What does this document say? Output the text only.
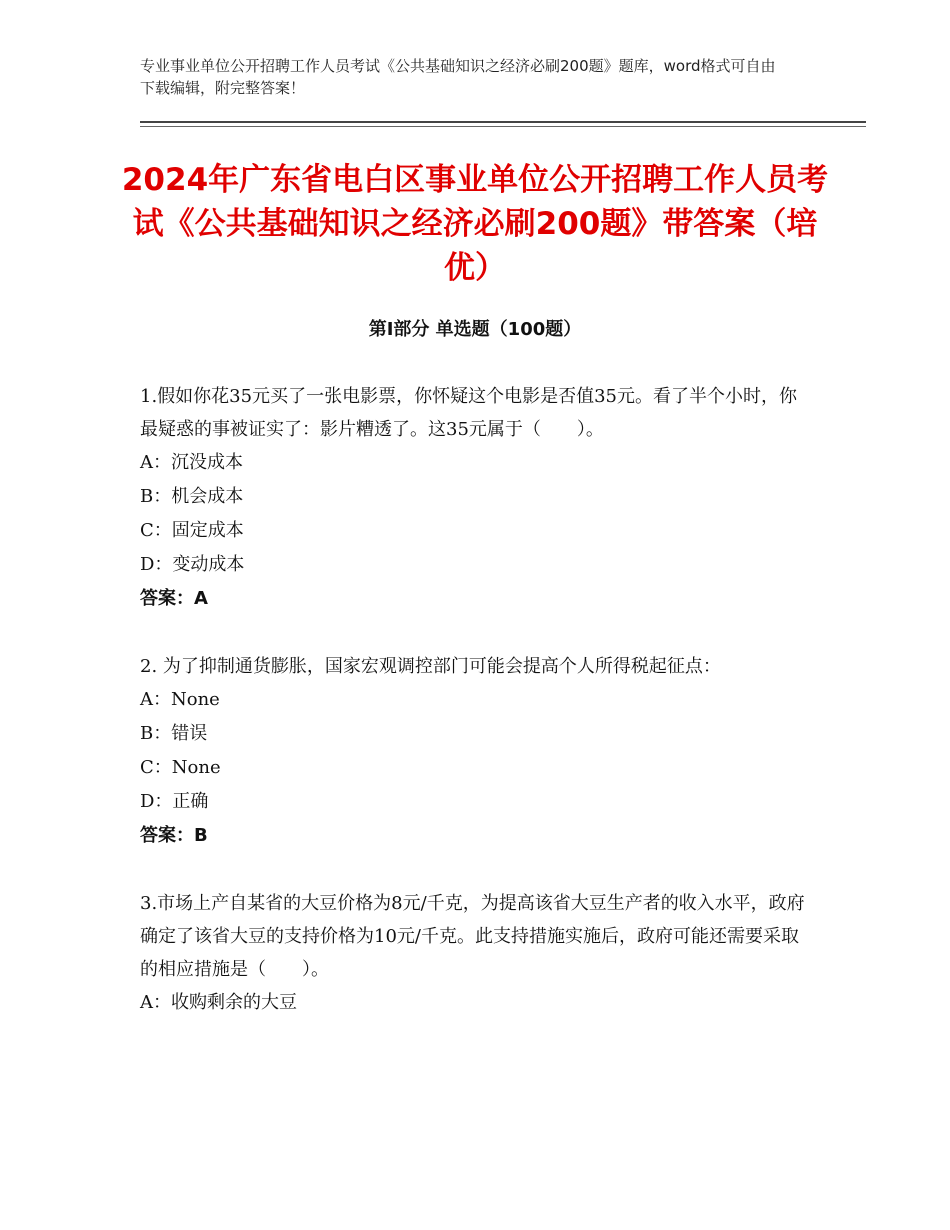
专业事业单位公开招聘工作人员考试《公共基础知识之经济必刷200题》题库，word格式可自由下载编辑，附完整答案！
2024年广东省电白区事业单位公开招聘工作人员考试《公共基础知识之经济必刷200题》带答案（培优）
第I部分 单选题（100题）

1.假如你花35元买了一张电影票，你怀疑这个电影是否值35元。看了半个小时，你最疑惑的事被证实了：影片糟透了。这35元属于（　　）。

A：沉没成本

B：机会成本

C：固定成本

D：变动成本

答案：A

2. 为了抑制通货膨胀，国家宏观调控部门可能会提高个人所得税起征点：

A：None

B：错误

C：None

D：正确

答案：B

3.市场上产自某省的大豆价格为8元/千克，为提高该省大豆生产者的收入水平，政府确定了该省大豆的支持价格为10元/千克。此支持措施实施后，政府可能还需要采取的相应措施是（　　）。

A：收购剩余的大豆
